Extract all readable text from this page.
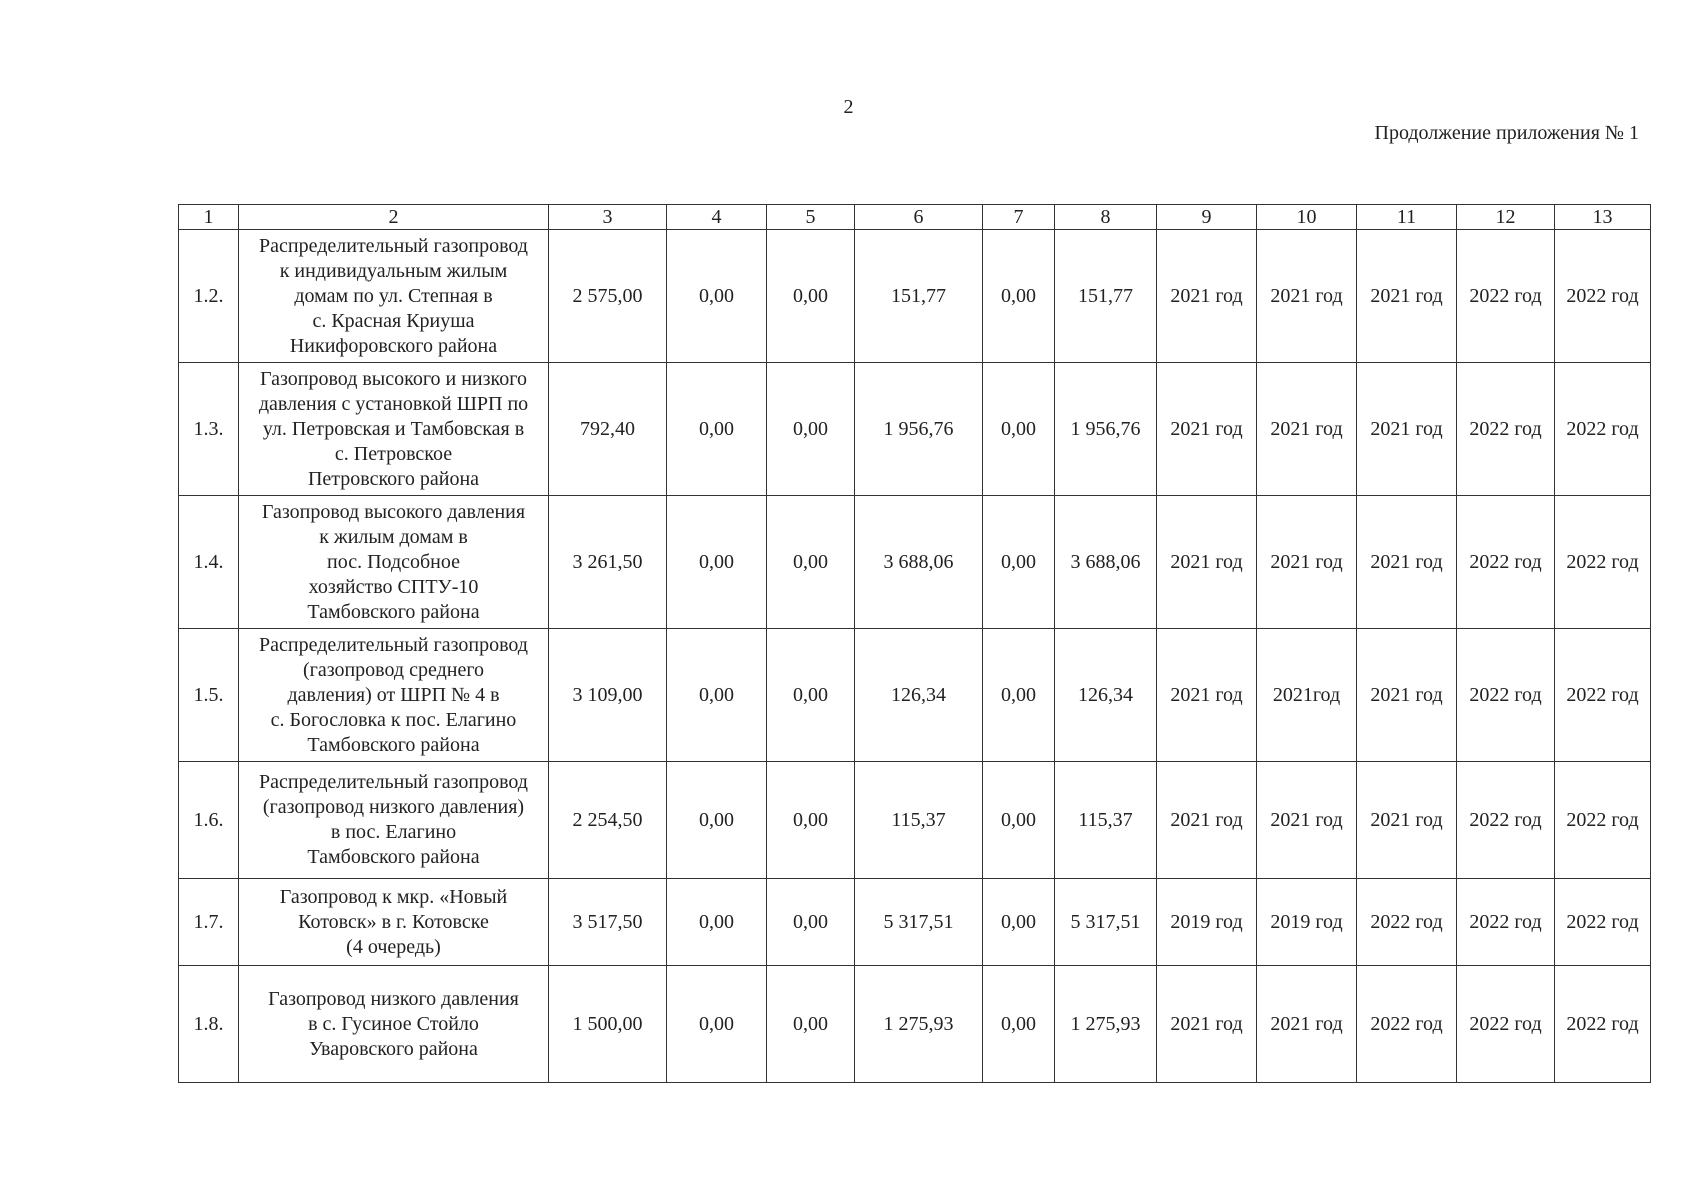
2
Продолжение приложения № 1
1	2	3	4	5	6	7	8	9	10	11	12	13
1.2.	Распределительный газопровод
к индивидуальным жилым
домам по ул. Степная в
с. Красная Криуша
Никифоровского района	2 575,00	0,00	0,00	151,77	0,00	151,77	2021 год	2021 год	2021 год	2022 год	2022 год
1.3.	Газопровод высокого и низкого
давления с установкой ШРП по
ул. Петровская и Тамбовская в
с. Петровское
Петровского района	792,40	0,00	0,00	1 956,76	0,00	1 956,76	2021 год	2021 год	2021 год	2022 год	2022 год
1.4.	Газопровод высокого давления
к жилым домам в
пос. Подсобное
хозяйство СПТУ-10
Тамбовского района	3 261,50	0,00	0,00	3 688,06	0,00	3 688,06	2021 год	2021 год	2021 год	2022 год	2022 год
1.5.	Распределительный газопровод
(газопровод среднего
давления) от ШРП № 4 в
с. Богословка к пос. Елагино
Тамбовского района	3 109,00	0,00	0,00	126,34	0,00	126,34	2021 год	2021год	2021 год	2022 год	2022 год
1.6.	Распределительный газопровод
(газопровод низкого давления)
в пос. Елагино
Тамбовского района	2 254,50	0,00	0,00	115,37	0,00	115,37	2021 год	2021 год	2021 год	2022 год	2022 год
1.7.	Газопровод к мкр. «Новый
Котовск» в г. Котовске
(4 очередь)	3 517,50	0,00	0,00	5 317,51	0,00	5 317,51	2019 год	2019 год	2022 год	2022 год	2022 год
1.8.	Газопровод низкого давления
в с. Гусиное Стойло
Уваровского района	1 500,00	0,00	0,00	1 275,93	0,00	1 275,93	2021 год	2021 год	2022 год	2022 год	2022 год
